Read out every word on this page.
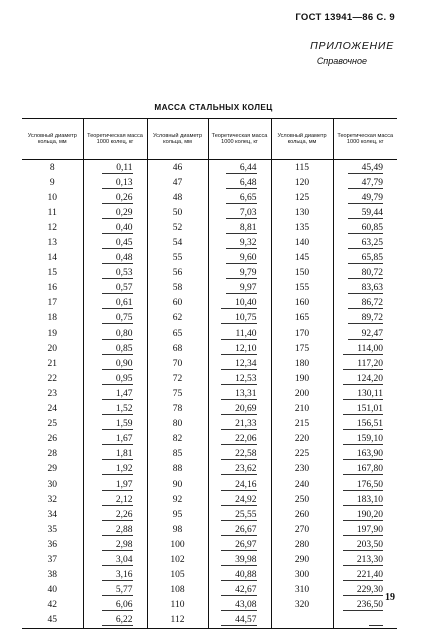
ГОСТ 13941—86 С. 9
ПРИЛОЖЕНИЕ
Справочное
МАССА СТАЛЬНЫХ КОЛЕЦ
Условный диаметр кольца, мм	Теоретическая масса 1000 колец, кг	Условный диаметр кольца, мм	Теоретическая масса 1000 колец, кг	Условный диаметр кольца, мм	Теоретическая масса 1000 колец, кг
8	0,11	46	6,44	115	45,49
9	0,13	47	6,48	120	47,79
10	0,26	48	6,65	125	49,79
11	0,29	50	7,03	130	59,44
12	0,40	52	8,81	135	60,85
13	0,45	54	9,32	140	63,25
14	0,48	55	9,60	145	65,85
15	0,53	56	9,79	150	80,72
16	0,57	58	9,97	155	83,63
17	0,61	60	10,40	160	86,72
18	0,75	62	10,75	165	89,72
19	0,80	65	11,40	170	92,47
20	0,85	68	12,10	175	114,00
21	0,90	70	12,34	180	117,20
22	0,95	72	12,53	190	124,20
23	1,47	75	13,31	200	130,11
24	1,52	78	20,69	210	151,01
25	1,59	80	21,33	215	156,51
26	1,67	82	22,06	220	159,10
28	1,81	85	22,58	225	163,90
29	1,92	88	23,62	230	167,80
30	1,97	90	24,16	240	176,50
32	2,12	92	24,92	250	183,10
34	2,26	95	25,55	260	190,20
35	2,88	98	26,67	270	197,90
36	2,98	100	26,97	280	203,50
37	3,04	102	39,98	290	213,30
38	3,16	105	40,88	300	221,40
40	5,77	108	42,67	310	229,30
42	6,06	110	43,08	320	236,50
45	6,22	112	44,57		
19
